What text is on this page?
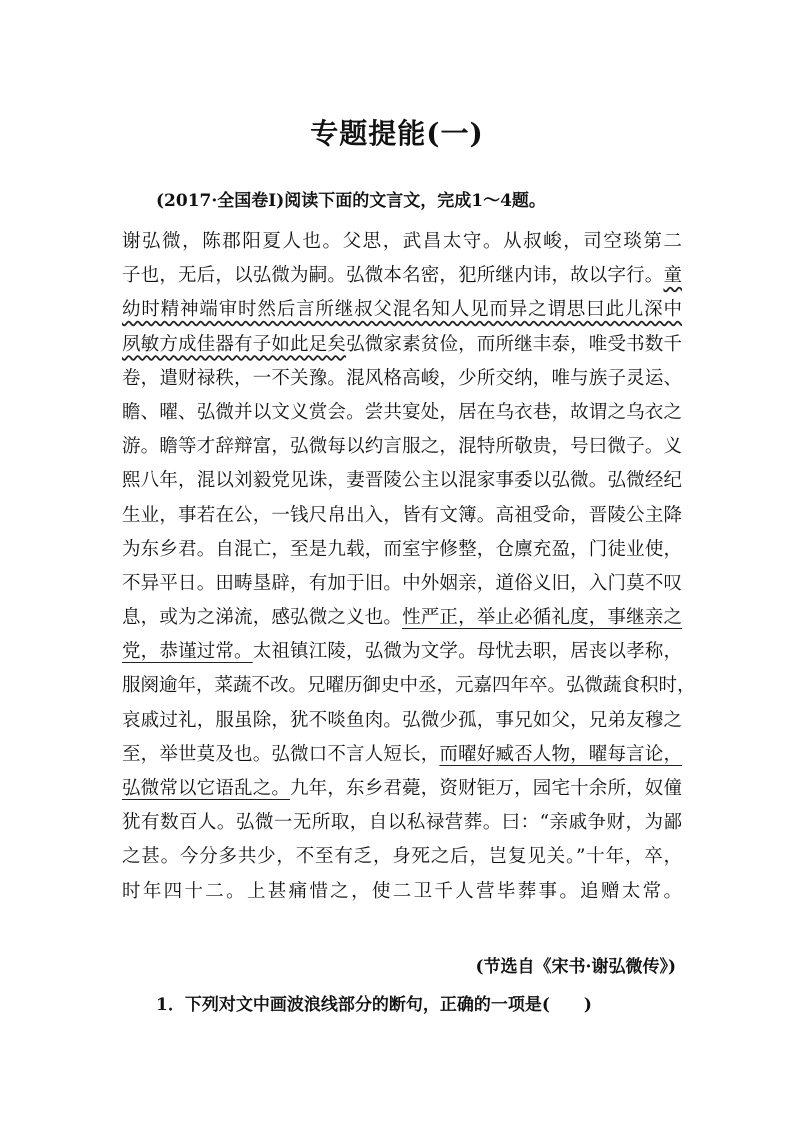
专题提能(一)
(2017·全国卷Ⅰ)阅读下面的文言文，完成1～4题。
谢弘微，陈郡阳夏人也。父思，武昌太守。从叔峻，司空琰第二
子也，无后，以弘微为嗣。弘微本名密，犯所继内讳，故以字行。童
幼时精神端审时然后言所继叔父混名知人见而异之谓思曰此儿深中
夙敏方成佳器有子如此足矣弘微家素贫俭，而所继丰泰，唯受书数千
卷，遣财禄秩，一不关豫。混风格高峻，少所交纳，唯与族子灵运、
瞻、曜、弘微并以文义赏会。尝共宴处，居在乌衣巷，故谓之乌衣之
游。瞻等才辞辩富，弘微每以约言服之，混特所敬贵，号曰微子。义
熙八年，混以刘毅党见诛，妻晋陵公主以混家事委以弘微。弘微经纪
生业，事若在公，一钱尺帛出入，皆有文簿。高祖受命，晋陵公主降
为东乡君。自混亡，至是九载，而室宇修整，仓廪充盈，门徒业使，
不异平日。田畴垦辟，有加于旧。中外姻亲，道俗义旧，入门莫不叹
息，或为之涕流，感弘微之义也。性严正，举止必循礼度，事继亲之
党，恭谨过常。太祖镇江陵，弘微为文学。母忧去职，居丧以孝称，
服阕逾年，菜蔬不改。兄曜历御史中丞，元嘉四年卒。弘微蔬食积时，
哀戚过礼，服虽除，犹不啖鱼肉。弘微少孤，事兄如父，兄弟友穆之
至，举世莫及也。弘微口不言人短长，而曜好臧否人物，曜每言论，
弘微常以它语乱之。九年，东乡君薨，资财钜万，园宅十余所，奴僮
犹有数百人。弘微一无所取，自以私禄营葬。曰：“亲戚争财，为鄙
之甚。今分多共少，不至有乏，身死之后，岂复见关。”十年，卒，
时年四十二。上甚痛惜之，使二卫千人营毕葬事。追赠太常。
(节选自《宋书·谢弘微传》)
1．下列对文中画波浪线部分的断句，正确的一项是( )
